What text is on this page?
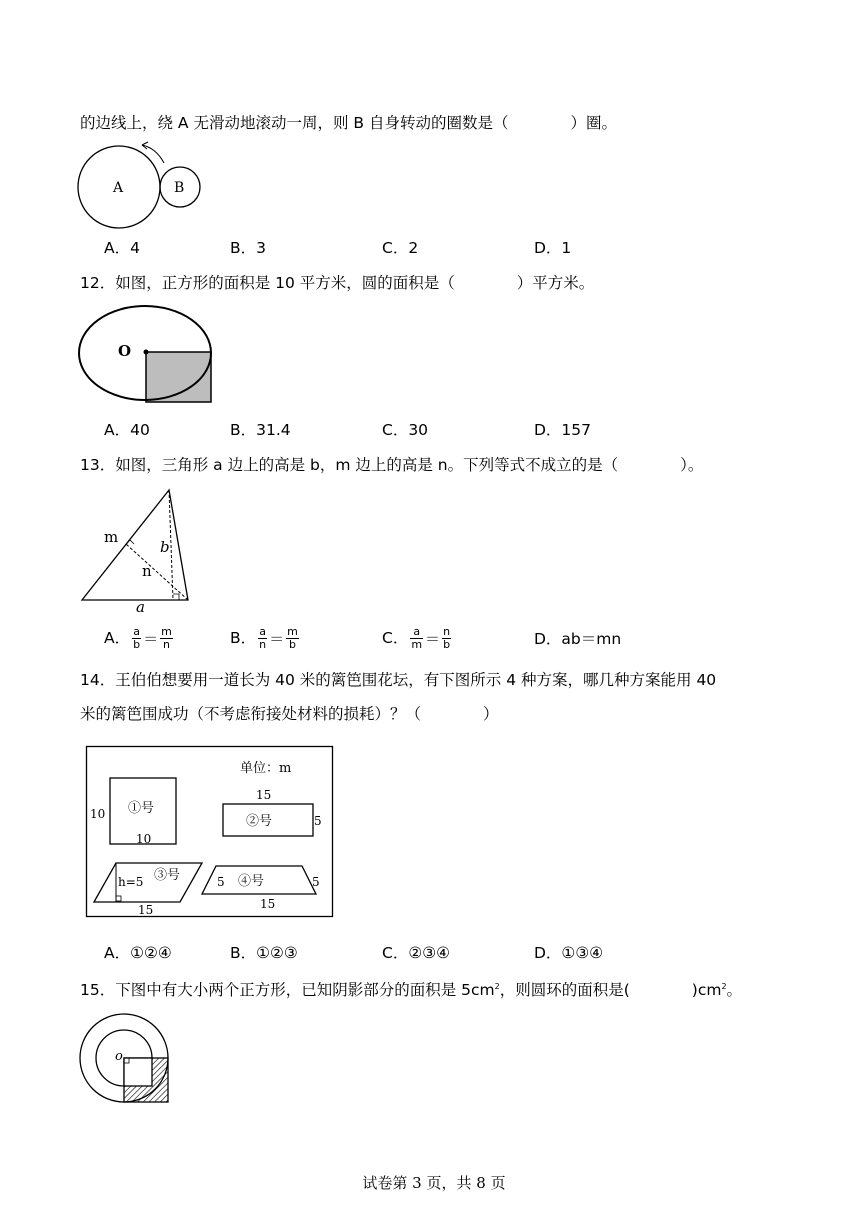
的边线上，绕 A 无滑动地滚动一周，则 B 自身转动的圈数是（　　　　）圈。
A	B
A．4	B．3	C．2	D．1
12．如图，正方形的面积是 10 平方米，圆的面积是（　　　　）平方米。
O
A．40	B．31.4	C．30	D．157
13．如图，三角形 a 边上的高是 b，m 边上的高是 n。下列等式不成立的是（　　　　）。
m
b
n
a
A． $\frac{a}{b} = \frac{m}{n}$	B． $\frac{a}{n} = \frac{m}{b}$	C． $\frac{a}{m} = \frac{n}{b}$	D．ab＝mn
14．王伯伯想要用一道长为 40 米的篱笆围花坛，有下图所示 4 种方案，哪几种方案能用 40
米的篱笆围成功（不考虑衔接处材料的损耗）？（　　　　）
单位：m
①号
10
10
15
②号	5
h=5 ③号
15
④号
5	5
15
A．①②④	B．①②③	C．②③④	D．①③④
15．下图中有大小两个正方形，已知阴影部分的面积是 $5cm^2$，则圆环的面积是(　　　　)$cm^2$。
o
试卷第 3 页，共 8 页
